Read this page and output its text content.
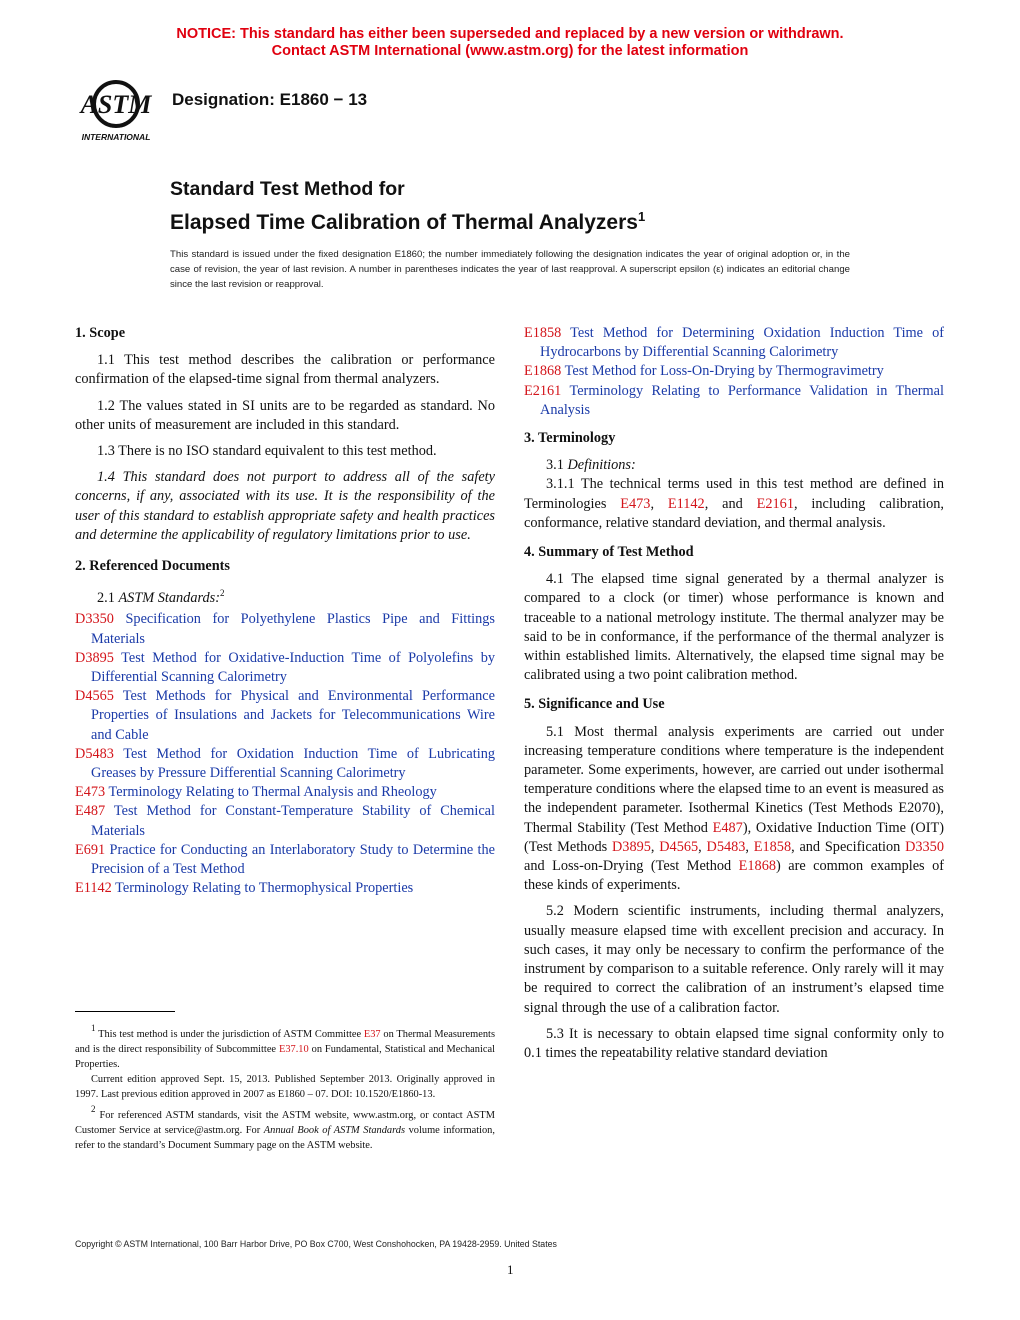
NOTICE: This standard has either been superseded and replaced by a new version or withdrawn.
Contact ASTM International (www.astm.org) for the latest information
ASTM
INTERNATIONAL
Designation: E1860 − 13
Standard Test Method for
Elapsed Time Calibration of Thermal Analyzers$^1$
This standard is issued under the fixed designation E1860; the number immediately following the designation indicates the year of original adoption or, in the case of revision, the year of last revision. A number in parentheses indicates the year of last reapproval. A superscript epsilon (ε) indicates an editorial change since the last revision or reapproval.

1. Scope

1.1 This test method describes the calibration or performance confirmation of the elapsed-time signal from thermal analyzers.

1.2 The values stated in SI units are to be regarded as standard. No other units of measurement are included in this standard.

1.3 There is no ISO standard equivalent to this test method.

1.4 This standard does not purport to address all of the safety concerns, if any, associated with its use. It is the responsibility of the user of this standard to establish appropriate safety and health practices and determine the applicability of regulatory limitations prior to use.

2. Referenced Documents

2.1 ASTM Standards:$^2$

D3350 Specification for Polyethylene Plastics Pipe and Fittings Materials

D3895 Test Method for Oxidative-Induction Time of Polyolefins by Differential Scanning Calorimetry

D4565 Test Methods for Physical and Environmental Performance Properties of Insulations and Jackets for Telecommunications Wire and Cable

D5483 Test Method for Oxidation Induction Time of Lubricating Greases by Pressure Differential Scanning Calorimetry

E473 Terminology Relating to Thermal Analysis and Rheology

E487 Test Method for Constant-Temperature Stability of Chemical Materials

E691 Practice for Conducting an Interlaboratory Study to Determine the Precision of a Test Method

E1142 Terminology Relating to Thermophysical Properties

$^1$ This test method is under the jurisdiction of ASTM Committee E37 on Thermal Measurements and is the direct responsibility of Subcommittee E37.10 on Fundamental, Statistical and Mechanical Properties.

Current edition approved Sept. 15, 2013. Published September 2013. Originally approved in 1997. Last previous edition approved in 2007 as E1860 – 07. DOI: 10.1520/E1860-13.

$^2$ For referenced ASTM standards, visit the ASTM website, www.astm.org, or contact ASTM Customer Service at service@astm.org. For Annual Book of ASTM Standards volume information, refer to the standard’s Document Summary page on the ASTM website.

E1858 Test Method for Determining Oxidation Induction Time of Hydrocarbons by Differential Scanning Calorimetry

E1868 Test Method for Loss-On-Drying by Thermogravimetry

E2161 Terminology Relating to Performance Validation in Thermal Analysis

3. Terminology

3.1 Definitions:

3.1.1 The technical terms used in this test method are defined in Terminologies E473, E1142, and E2161, including calibration, conformance, relative standard deviation, and thermal analysis.

4. Summary of Test Method

4.1 The elapsed time signal generated by a thermal analyzer is compared to a clock (or timer) whose performance is known and traceable to a national metrology institute. The thermal analyzer may be said to be in conformance, if the performance of the thermal analyzer is within established limits. Alternatively, the elapsed time signal may be calibrated using a two point calibration method.

5. Significance and Use

5.1 Most thermal analysis experiments are carried out under increasing temperature conditions where temperature is the independent parameter. Some experiments, however, are carried out under isothermal temperature conditions where the elapsed time to an event is measured as the independent parameter. Isothermal Kinetics (Test Methods E2070), Thermal Stability (Test Method E487), Oxidative Induction Time (OIT) (Test Methods D3895, D4565, D5483, E1858, and Specification D3350 and Loss-on-Drying (Test Method E1868) are common examples of these kinds of experiments.

5.2 Modern scientific instruments, including thermal analyzers, usually measure elapsed time with excellent precision and accuracy. In such cases, it may only be necessary to confirm the performance of the instrument by comparison to a suitable reference. Only rarely will it may be required to correct the calibration of an instrument’s elapsed time signal through the use of a calibration factor.

5.3 It is necessary to obtain elapsed time signal conformity only to 0.1 times the repeatability relative standard deviation

Copyright © ASTM International, 100 Barr Harbor Drive, PO Box C700, West Conshohocken, PA 19428-2959. United States
1
